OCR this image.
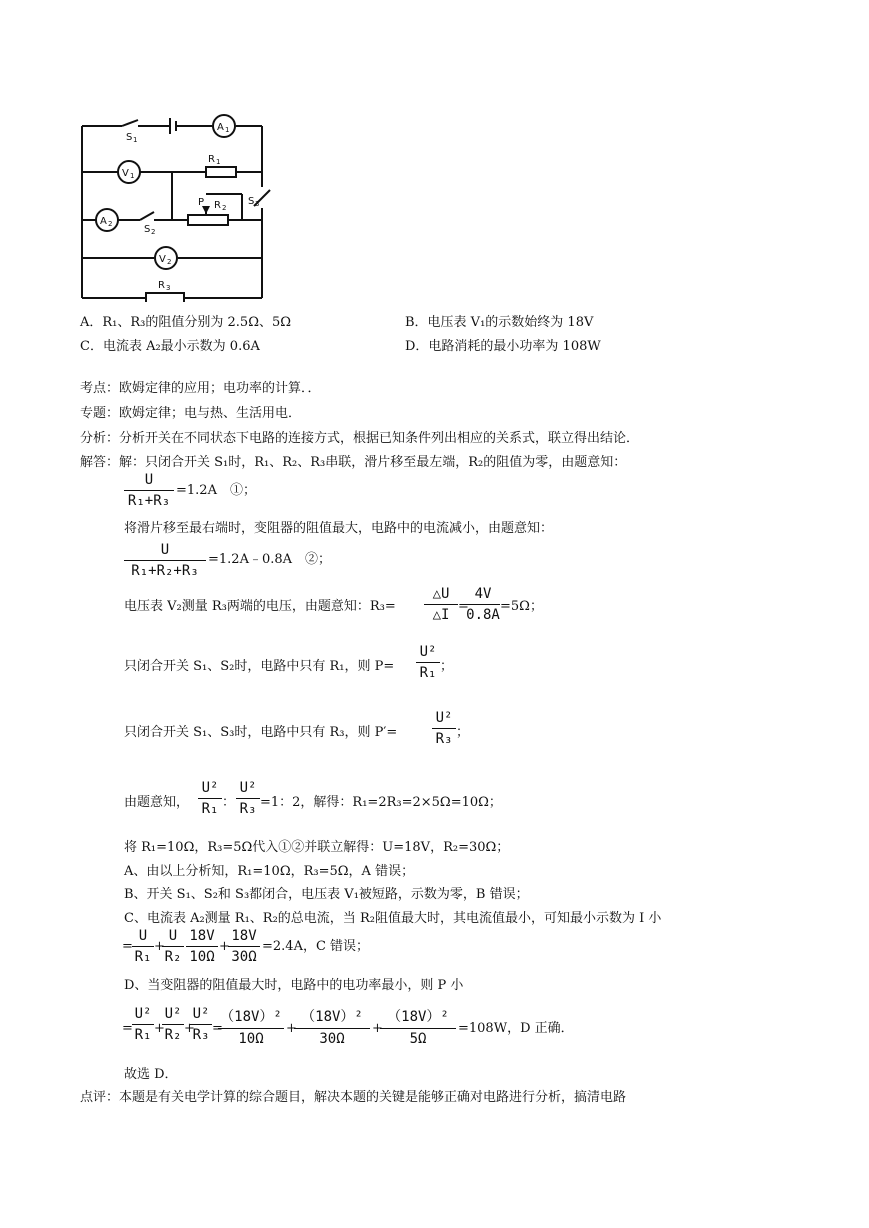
A 1
V 1
A 2
V 2
R 1
R 2
R 3
P
S 1
S 2
S 3
A．R₁、R₃的阻值分别为 2.5Ω、5Ω	B．电压表 V₁的示数始终为 18V
C．电流表 A₂最小示数为 0.6A	D．电路消耗的最小功率为 108W
考点：欧姆定律的应用；电功率的计算．．
专题：欧姆定律；电与热、生活用电．
分析：分析开关在不同状态下电路的连接方式，根据已知条件列出相应的关系式，联立得出结论．
解答：解：只闭合开关 S₁时，R₁、R₂、R₃串联，滑片移至最左端，R₂的阻值为零，由题意知：
U
R₁+R₃
=1.2A　①；
将滑片移至最右端时，变阻器的阻值最大，电路中的电流减小，由题意知：
U
R₁+R₂+R₃
=1.2A﹣0.8A　②；
电压表 V₂测量 R₃两端的电压，由题意知：R₃=
△U
△I
=
4V
0.8A
=5Ω；
只闭合开关 S₁、S₂时，电路中只有 R₁，则 P=
U²
R₁ ；
只闭合开关 S₁、S₃时，电路中只有 R₃，则 P′=
U²
R₃ ；
由题意知，
U²
R₁ ：
U²
R₃ =1：2，解得：R₁=2R₃=2×5Ω=10Ω；
将 R₁=10Ω，R₃=5Ω代入①②并联立解得：U=18V，R₂=30Ω；
A、由以上分析知，R₁=10Ω，R₃=5Ω，A 错误；
B、开关 S₁、S₂和 S₃都闭合，电压表 V₁被短路，示数为零，B 错误；
C、电流表 A₂测量 R₁、R₂的总电流，当 R₂阻值最大时，其电流值最小，可知最小示数为 I 小
=
U
R₁
+
U
R₂
18V
10Ω
+
18V
30Ω
=2.4A，C 错误；
D、当变阻器的阻值最大时，电路中的电功率最小，则 P 小
=
U²
R₁ +
U²
R₂ +
U²
R₃ =
（18V）²
10Ω
+
（18V）²
30Ω
+
（18V）²
5Ω
=108W，D 正确．
故选 D．
点评：本题是有关电学计算的综合题目，解决本题的关键是能够正确对电路进行分析，搞清电路
